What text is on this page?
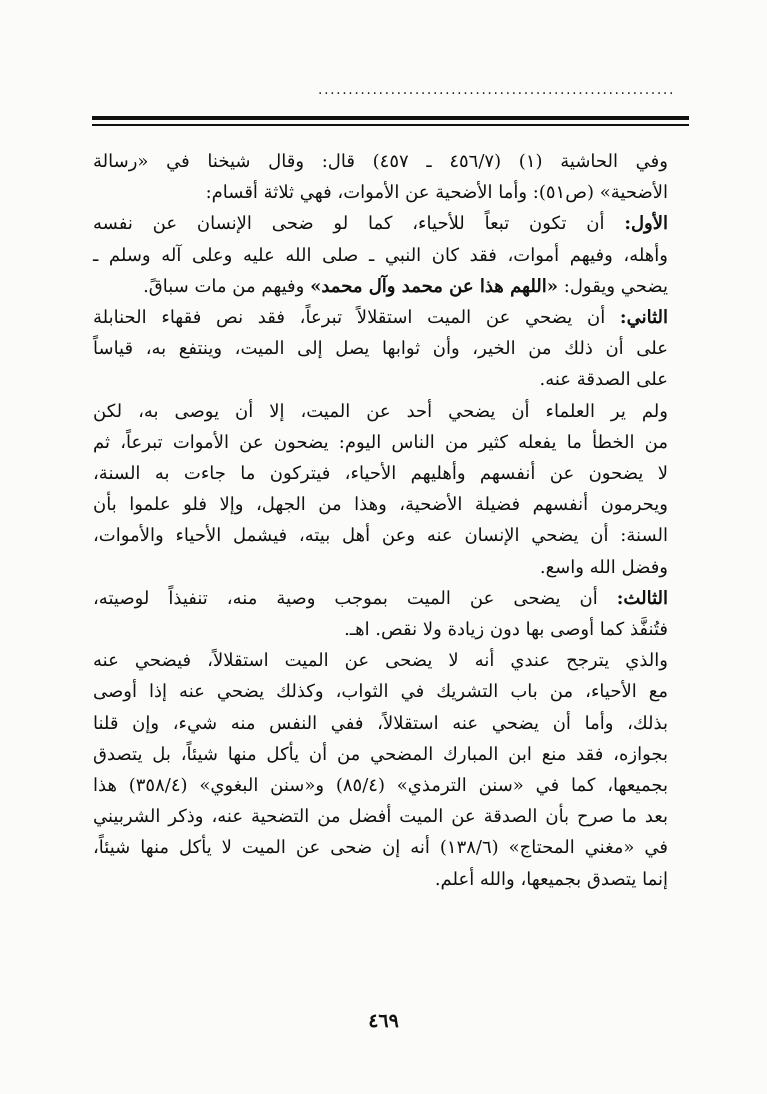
...........................................................

وفي الحاشية (١) (٤٥٦/٧ ـ ٤٥٧) قال: وقال شيخنا في «رسالة
الأضحية» (ص٥١): وأما الأضحية عن الأموات، فهي ثلاثة أقسام:

الأول: أن تكون تبعاً للأحياء، كما لو ضحى الإنسان عن نفسه
وأهله، وفيهم أموات، فقد كان النبي ـ صلى الله عليه وعلى آله وسلم ـ
يضحي ويقول: «اللهم هذا عن محمد وآل محمد» وفيهم من مات سباقً.

الثاني: أن يضحي عن الميت استقلالاً تبرعاً، فقد نص فقهاء الحنابلة
على أن ذلك من الخير، وأن ثوابها يصل إلى الميت، وينتفع به، قياساً
على الصدقة عنه.

ولم ير العلماء أن يضحي أحد عن الميت، إلا أن يوصى به، لكن
من الخطأ ما يفعله كثير من الناس اليوم: يضحون عن الأموات تبرعاً، ثم
لا يضحون عن أنفسهم وأهليهم الأحياء، فيتركون ما جاءت به السنة،
ويحرمون أنفسهم فضيلة الأضحية، وهذا من الجهل، وإلا فلو علموا بأن
السنة: أن يضحي الإنسان عنه وعن أهل بيته، فيشمل الأحياء والأموات،
وفضل الله واسع.

الثالث: أن يضحى عن الميت بموجب وصية منه، تنفيذاً لوصيته،
فتُنفَّذ كما أوصى بها دون زيادة ولا نقص. اهـ.

والذي يترجح عندي أنه لا يضحى عن الميت استقلالاً، فيضحي عنه
مع الأحياء، من باب التشريك في الثواب، وكذلك يضحي عنه إذا أوصى
بذلك، وأما أن يضحي عنه استقلالاً، ففي النفس منه شيء، وإن قلنا
بجوازه، فقد منع ابن المبارك المضحي من أن يأكل منها شيئاً، بل يتصدق
بجميعها، كما في «سنن الترمذي» (٨٥/٤) و«سنن البغوي» (٣٥٨/٤) هذا
بعد ما صرح بأن الصدقة عن الميت أفضل من التضحية عنه، وذكر الشربيني
في «مغني المحتاج» (١٣٨/٦) أنه إن ضحى عن الميت لا يأكل منها شيئاً،
إنما يتصدق بجميعها، والله أعلم.

٤٦٩
